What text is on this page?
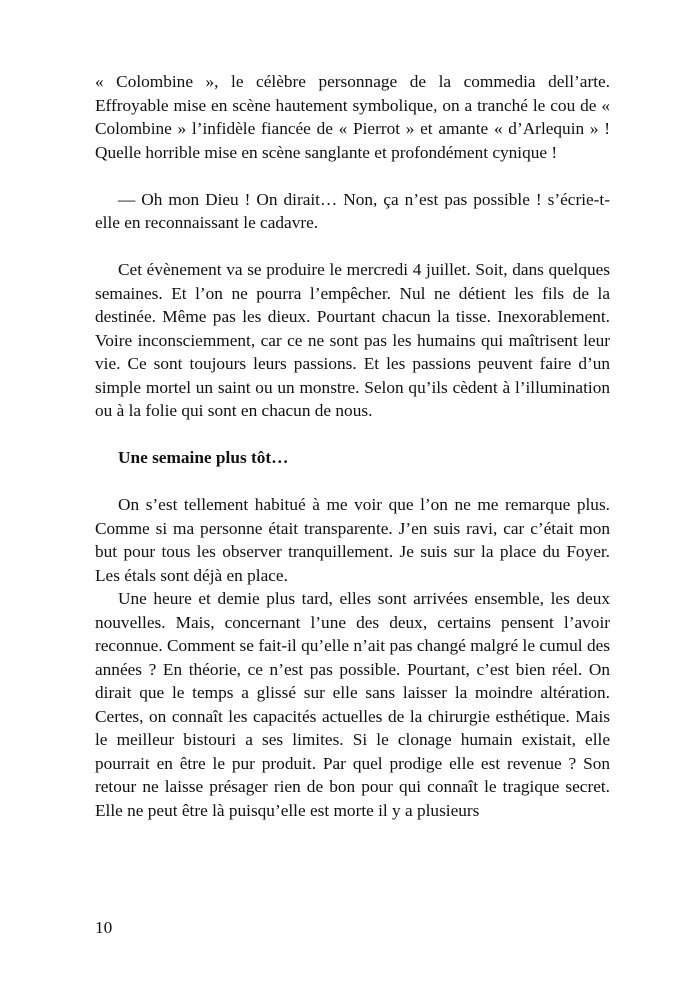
« Colombine », le célèbre personnage de la commedia dell’arte. Effroyable mise en scène hautement symbolique, on a tranché le cou de « Colombine » l’infidèle fiancée de « Pierrot » et amante « d’Arlequin » ! Quelle horrible mise en scène sanglante et profondément cynique !

— Oh mon Dieu ! On dirait… Non, ça n’est pas possible ! s’écrie-t-elle en reconnaissant le cadavre.

Cet évènement va se produire le mercredi 4 juillet. Soit, dans quelques semaines. Et l’on ne pourra l’empêcher. Nul ne détient les fils de la destinée. Même pas les dieux. Pourtant chacun la tisse. Inexorablement. Voire inconsciemment, car ce ne sont pas les humains qui maîtrisent leur vie. Ce sont toujours leurs passions. Et les passions peuvent faire d’un simple mortel un saint ou un monstre. Selon qu’ils cèdent à l’illumination ou à la folie qui sont en chacun de nous.

Une semaine plus tôt…

On s’est tellement habitué à me voir que l’on ne me remarque plus. Comme si ma personne était transparente. J’en suis ravi, car c’était mon but pour tous les observer tranquillement. Je suis sur la place du Foyer. Les étals sont déjà en place.

Une heure et demie plus tard, elles sont arrivées ensemble, les deux nouvelles. Mais, concernant l’une des deux, certains pensent l’avoir reconnue. Comment se fait-il qu’elle n’ait pas changé malgré le cumul des années ? En théorie, ce n’est pas possible. Pourtant, c’est bien réel. On dirait que le temps a glissé sur elle sans laisser la moindre altération. Certes, on connaît les capacités actuelles de la chirurgie esthétique. Mais le meilleur bistouri a ses limites. Si le clonage humain existait, elle pourrait en être le pur produit. Par quel prodige elle est revenue ? Son retour ne laisse présager rien de bon pour qui connaît le tragique secret. Elle ne peut être là puisqu’elle est morte il y a plusieurs

10
